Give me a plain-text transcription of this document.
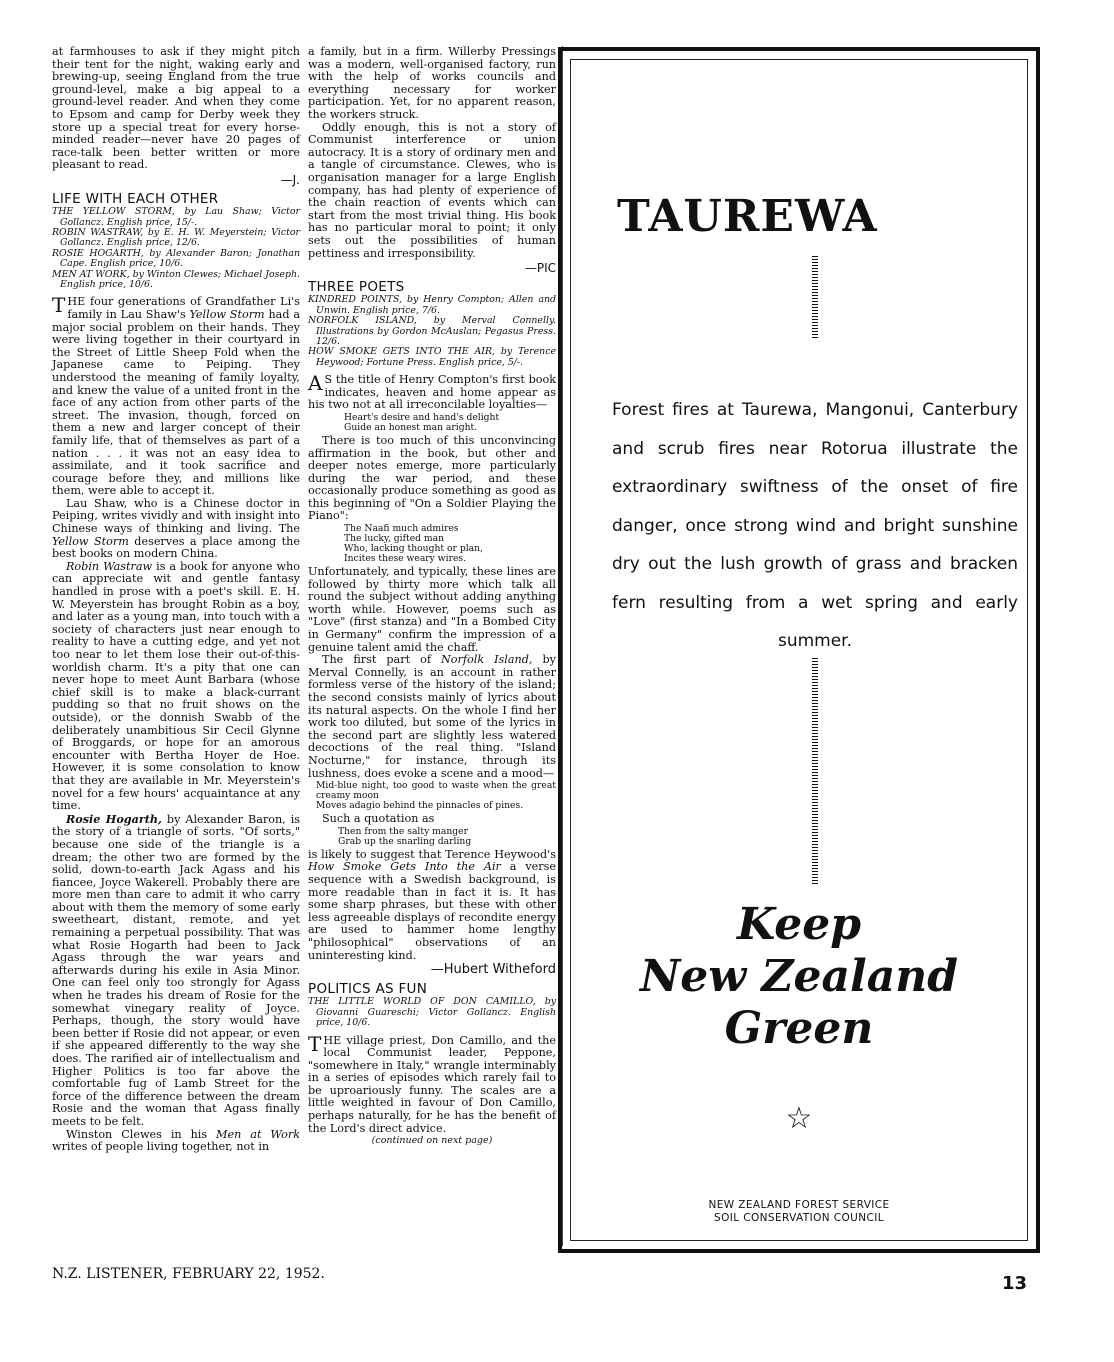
at farmhouses to ask if they might pitch their tent for the night, waking early and brewing-up, seeing England from the true ground-level, make a big appeal to a ground-level reader. And when they come to Epsom and camp for Derby week they store up a special treat for every horse-minded reader—never have 20 pages of race-talk been better written or more pleasant to read.

—J.
LIFE WITH EACH OTHER
THE YELLOW STORM, by Lau Shaw; Victor Gollancz. English price, 15/-.
ROBIN WASTRAW, by E. H. W. Meyerstein; Victor Gollancz. English price, 12/6.
ROSIE HOGARTH, by Alexander Baron; Jonathan Cape. English price, 10/6.
MEN AT WORK, by Winton Clewes; Michael Joseph. English price, 10/6.

THE four generations of Grandfather Li's family in Lau Shaw's Yellow Storm had a major social problem on their hands. They were living together in their courtyard in the Street of Little Sheep Fold when the Japanese came to Peiping. They understood the meaning of family loyalty, and knew the value of a united front in the face of any action from other parts of the street. The invasion, though, forced on them a new and larger concept of their family life, that of themselves as part of a nation . . . it was not an easy idea to assimilate, and it took sacrifice and courage before they, and millions like them, were able to accept it.

Lau Shaw, who is a Chinese doctor in Peiping, writes vividly and with insight into Chinese ways of thinking and living. The Yellow Storm deserves a place among the best books on modern China.

Robin Wastraw is a book for anyone who can appreciate wit and gentle fantasy handled in prose with a poet's skill. E. H. W. Meyerstein has brought Robin as a boy, and later as a young man, into touch with a society of characters just near enough to reality to have a cutting edge, and yet not too near to let them lose their out-of-this-worldish charm. It's a pity that one can never hope to meet Aunt Barbara (whose chief skill is to make a black-currant pudding so that no fruit shows on the outside), or the donnish Swabb of the deliberately unambitious Sir Cecil Glynne of Broggards, or hope for an amorous encounter with Bertha Hoyer de Hoe. However, it is some consolation to know that they are available in Mr. Meyerstein's novel for a few hours' acquaintance at any time.

Rosie Hogarth, by Alexander Baron, is the story of a triangle of sorts. "Of sorts," because one side of the triangle is a dream; the other two are formed by the solid, down-to-earth Jack Agass and his fiancee, Joyce Wakerell. Probably there are more men than care to admit it who carry about with them the memory of some early sweetheart, distant, remote, and yet remaining a perpetual possibility. That was what Rosie Hogarth had been to Jack Agass through the war years and afterwards during his exile in Asia Minor. One can feel only too strongly for Agass when he trades his dream of Rosie for the somewhat vinegary reality of Joyce. Perhaps, though, the story would have been better if Rosie did not appear, or even if she appeared differently to the way she does. The rarified air of intellectualism and Higher Politics is too far above the comfortable fug of Lamb Street for the force of the difference between the dream Rosie and the woman that Agass finally meets to be felt.

Winston Clewes in his Men at Work writes of people living together, not in

a family, but in a firm. Willerby Pressings was a modern, well-organised factory, run with the help of works councils and everything necessary for worker participation. Yet, for no apparent reason, the workers struck.

Oddly enough, this is not a story of Communist interference or union autocracy. It is a story of ordinary men and a tangle of circumstance. Clewes, who is organisation manager for a large English company, has had plenty of experience of the chain reaction of events which can start from the most trivial thing. His book has no particular moral to point; it only sets out the possibilities of human pettiness and irresponsibility.

—PIC
THREE POETS
KINDRED POINTS, by Henry Compton; Allen and Unwin. English price, 7/6.
NORFOLK ISLAND, by Merval Connelly. Illustrations by Gordon McAuslan; Pegasus Press. 12/6.
HOW SMOKE GETS INTO THE AIR, by Terence Heywood; Fortune Press. English price, 5/-.

A S the title of Henry Compton's first book indicates, heaven and home appear as his two not at all irreconcilable loyalties—

Heart's desire and hand's delight
Guide an honest man aright.

There is too much of this unconvincing affirmation in the book, but other and deeper notes emerge, more particularly during the war period, and these occasionally produce something as good as this beginning of "On a Soldier Playing the Piano":

The Naafi much admires
The lucky, gifted man
Who, lacking thought or plan,
Incites these weary wires.

Unfortunately, and typically, these lines are followed by thirty more which talk all round the subject without adding anything worth while. However, poems such as "Love" (first stanza) and "In a Bombed City in Germany" confirm the impression of a genuine talent amid the chaff.

The first part of Norfolk Island, by Merval Connelly, is an account in rather formless verse of the history of the island; the second consists mainly of lyrics about its natural aspects. On the whole I find her work too diluted, but some of the lyrics in the second part are slightly less watered decoctions of the real thing. "Island Nocturne," for instance, through its lushness, does evoke a scene and a mood—

Mid-blue night, too good to waste when the great creamy moon
Moves adagio behind the pinnacles of pines.

Such a quotation as

Then from the salty manger
Grab up the snarling darling

is likely to suggest that Terence Heywood's How Smoke Gets Into the Air a verse sequence with a Swedish background, is more readable than in fact it is. It has some sharp phrases, but these with other less agreeable displays of recondite energy are used to hammer home lengthy "philosophical" observations of an uninteresting kind.

—Hubert Witheford
POLITICS AS FUN
THE LITTLE WORLD OF DON CAMILLO, by Giovanni Guareschi; Victor Gollancz. English price, 10/6.

THE village priest, Don Camillo, and the local Communist leader, Peppone, "somewhere in Italy," wrangle interminably in a series of episodes which rarely fail to be uproariously funny. The scales are a little weighted in favour of Don Camillo, perhaps naturally, for he has the benefit of the Lord's direct advice.

(continued on next page)
TAUREWA
Forest fires at Taurewa, Mangonui, Canterbury and scrub fires near Rotorua illustrate the extraordinary swiftness of the onset of fire danger, once strong wind and bright sunshine dry out the lush growth of grass and bracken fern resulting from a wet spring and early summer.
Keep
New Zealand
Green
☆
NEW ZEALAND FOREST SERVICE
SOIL CONSERVATION COUNCIL
N.Z. LISTENER, FEBRUARY 22, 1952.	13
